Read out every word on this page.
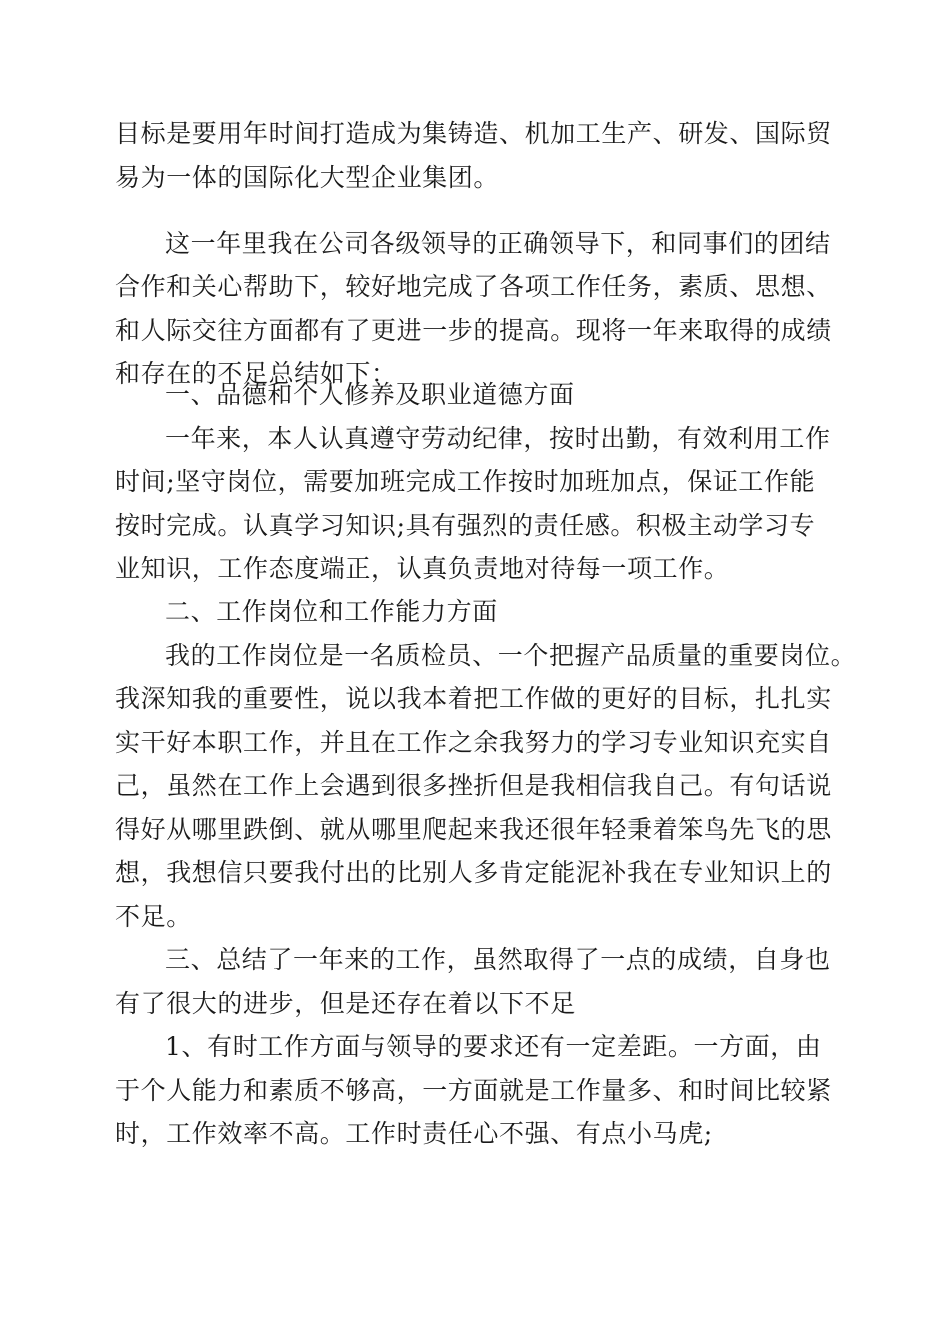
目标是要用年时间打造成为集铸造、机加工生产、研发、国际贸
易为一体的国际化大型企业集团。
这一年里我在公司各级领导的正确领导下，和同事们的团结
合作和关心帮助下，较好地完成了各项工作任务，素质、思想、
和人际交往方面都有了更进一步的提高。现将一年来取得的成绩
和存在的不足总结如下：
一、品德和个人修养及职业道德方面
一年来，本人认真遵守劳动纪律，按时出勤，有效利用工作
时间;坚守岗位，需要加班完成工作按时加班加点，保证工作能
按时完成。认真学习知识;具有强烈的责任感。积极主动学习专
业知识，工作态度端正，认真负责地对待每一项工作。
二、工作岗位和工作能力方面
我的工作岗位是一名质检员、一个把握产品质量的重要岗位。
我深知我的重要性，说以我本着把工作做的更好的目标，扎扎实
实干好本职工作，并且在工作之余我努力的学习专业知识充实自
己，虽然在工作上会遇到很多挫折但是我相信我自己。有句话说
得好从哪里跌倒、就从哪里爬起来我还很年轻秉着笨鸟先飞的思
想，我想信只要我付出的比别人多肯定能泥补我在专业知识上的
不足。
三、总结了一年来的工作，虽然取得了一点的成绩，自身也
有了很大的进步，但是还存在着以下不足
1、有时工作方面与领导的要求还有一定差距。一方面，由
于个人能力和素质不够高，一方面就是工作量多、和时间比较紧
时，工作效率不高。工作时责任心不强、有点小马虎;
